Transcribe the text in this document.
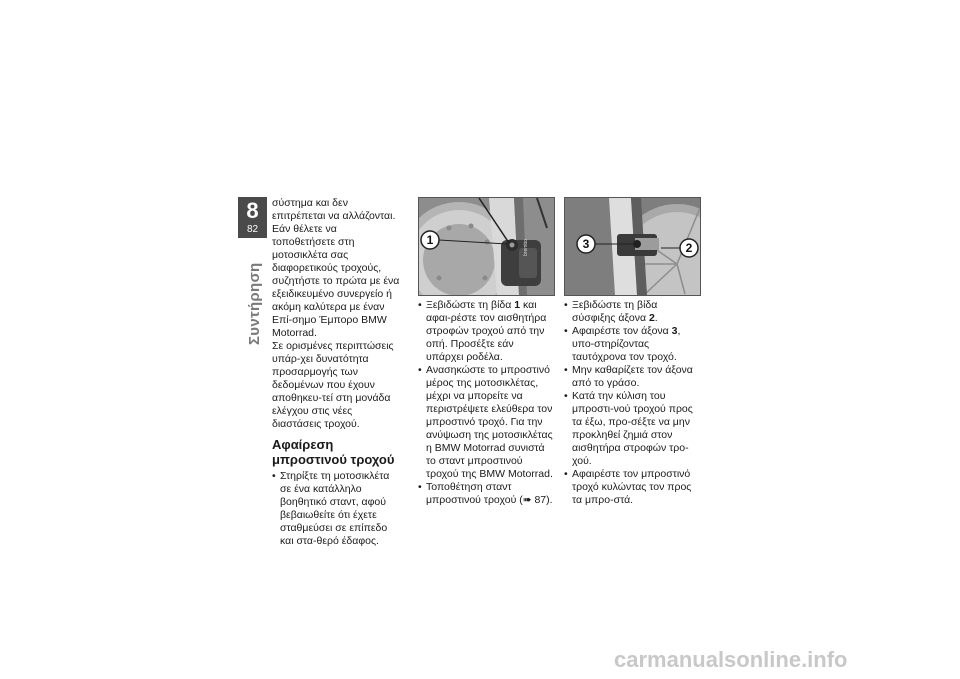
8
82
Συντήρηση

σύστημα και δεν επιτρέπεται να αλλάζονται.

Εάν θέλετε να τοποθετήσετε στη μοτοσικλέτα σας διαφορετικούς τροχούς, συζητήστε το πρώτα με ένα εξειδικευμένο συνεργείο ή ακόμη καλύτερα με έναν Επί-σημο Έμπορο BMW Motorrad.

Σε ορισμένες περιπτώσεις υπάρ-χει δυνατότητα προσαρμογής των δεδομένων που έχουν αποθηκευ-τεί στη μονάδα ελέγχου στις νέες διαστάσεις τροχού.

Αφαίρεση μπροστινού τροχού
• Στηρίξτε τη μοτοσικλέτα σε ένα κατάλληλο βοηθητικό σταντ, αφού βεβαιωθείτε ότι έχετε σταθμεύσει σε επίπεδο και στα-θερό έδαφος.
1	brembo	3	2
• Ξεβιδώστε τη βίδα 1 και αφαι-ρέστε τον αισθητήρα στροφών τροχού από την οπή. Προσέξτε εάν υπάρχει ροδέλα.
• Ανασηκώστε το μπροστινό μέρος της μοτοσικλέτας, μέχρι να μπορείτε να περιστρέψετε ελεύθερα τον μπροστινό τροχό. Για την ανύψωση της μοτοσικλέτας η BMW Motorrad συνιστά το σταντ μπροστινού τροχού της BMW Motorrad.
• Τοποθέτηση σταντ μπροστινού τροχού (➠ 87).
• Ξεβιδώστε τη βίδα σύσφιξης άξονα 2.
• Αφαιρέστε τον άξονα 3, υπο-στηρίζοντας ταυτόχρονα τον τροχό.
• Μην καθαρίζετε τον άξονα από το γράσο.
• Κατά την κύλιση του μπροστι-νού τροχού προς τα έξω, προ-σέξτε να μην προκληθεί ζημιά στον αισθητήρα στροφών τρο-χού.
• Αφαιρέστε τον μπροστινό τροχό κυλώντας τον προς τα μπρο-στά.
carmanualsonline.info
